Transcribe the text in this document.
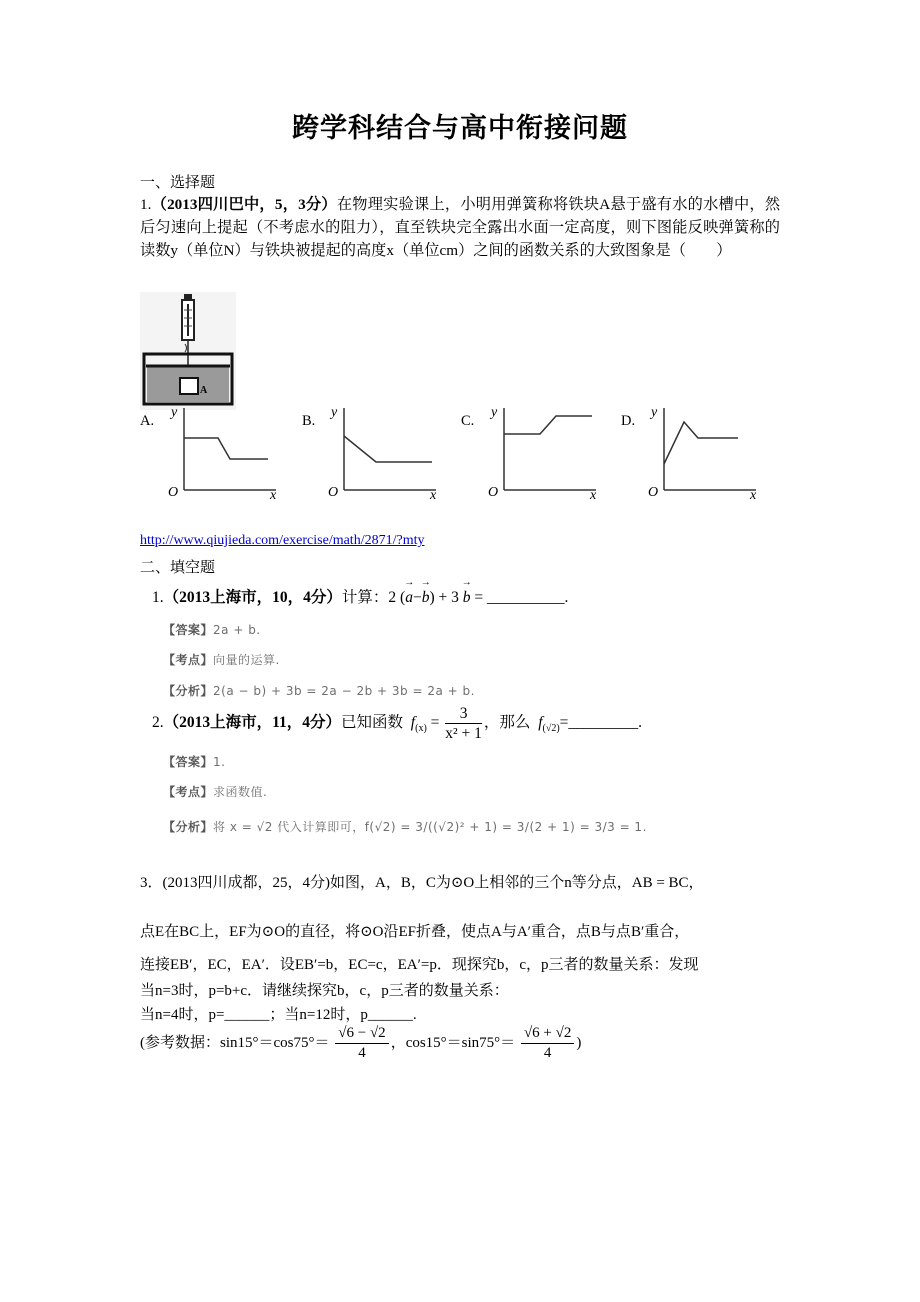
跨学科结合与高中衔接问题
一、选择题
1.（2013四川巴中，5，3分）在物理实验课上，小明用弹簧称将铁块A悬于盛有水的水槽中，然后匀速向上提起（不考虑水的阻力），直至铁块完全露出水面一定高度，则下图能反映弹簧称的读数y（单位N）与铁块被提起的高度x（单位cm）之间的函数关系的大致图象是（　　）
A
A.	B.	C.	D.
y
O	x
y
O	x
y
O	x
y
O	x
http://www.qiujieda.com/exercise/math/2871/?mty
二、填空题
1.（2013上海市，10，4分）计算：2 (→ a−→ b) + 3 → b = __________.
【答案】2a + b.
【考点】向量的运算.
【分析】2(a − b) + 3b = 2a − 2b + 3b = 2a + b.
2.（2013上海市，11，4分）已知函数 $f_{(x)} = \frac{3}{\text{x² + 1}}$ ，那么 $f_{(√2)}=\_\_\_\_\_\_\_\_\_$.
【答案】1.
【考点】求函数值.
【分析】将 x = √2 代入计算即可，f(√2) = 3/((√2)² + 1) = 3/(2 + 1) = 3/3 = 1.
3．(2013四川成都，25，4分)如图，A，B，C为⊙O上相邻的三个n等分点，AB = BC，
点E在BC上，EF为⊙O的直径，将⊙O沿EF折叠，使点A与A′重合，点B与点B′重合，
连接EB′，EC，EA′．设EB′=b，EC=c，EA′=p．现探究b，c，p三者的数量关系：发现
当n=3时，p=b+c．请继续探究b，c，p三者的数量关系：
当n=4时，p=______；当n=12时，p______.
(参考数据：$\sin 15^\circ=\cos 75^\circ= \frac{√6 - √2}{4}$ ，$\cos 15^\circ=\sin 75^\circ= \frac{√6 + √2}{4}$ )
